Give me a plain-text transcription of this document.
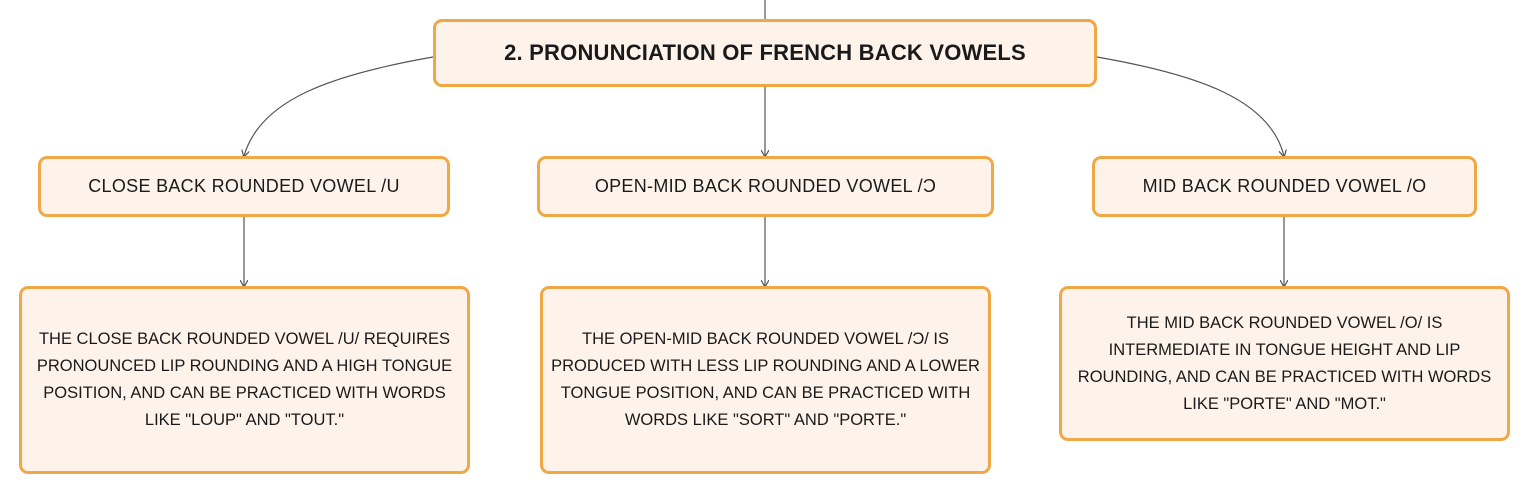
2. PRONUNCIATION OF FRENCH BACK VOWELS
CLOSE BACK ROUNDED VOWEL /U	OPEN-MID BACK ROUNDED VOWEL /Ɔ	MID BACK ROUNDED VOWEL /O
THE CLOSE BACK ROUNDED VOWEL /U/ REQUIRES PRONOUNCED LIP ROUNDING AND A HIGH TONGUE POSITION, AND CAN BE PRACTICED WITH WORDS LIKE "LOUP" AND "TOUT."
THE OPEN-MID BACK ROUNDED VOWEL /Ɔ/ IS PRODUCED WITH LESS LIP ROUNDING AND A LOWER TONGUE POSITION, AND CAN BE PRACTICED WITH WORDS LIKE "SORT" AND "PORTE."
THE MID BACK ROUNDED VOWEL /O/ IS INTERMEDIATE IN TONGUE HEIGHT AND LIP ROUNDING, AND CAN BE PRACTICED WITH WORDS LIKE "PORTE" AND "MOT."
